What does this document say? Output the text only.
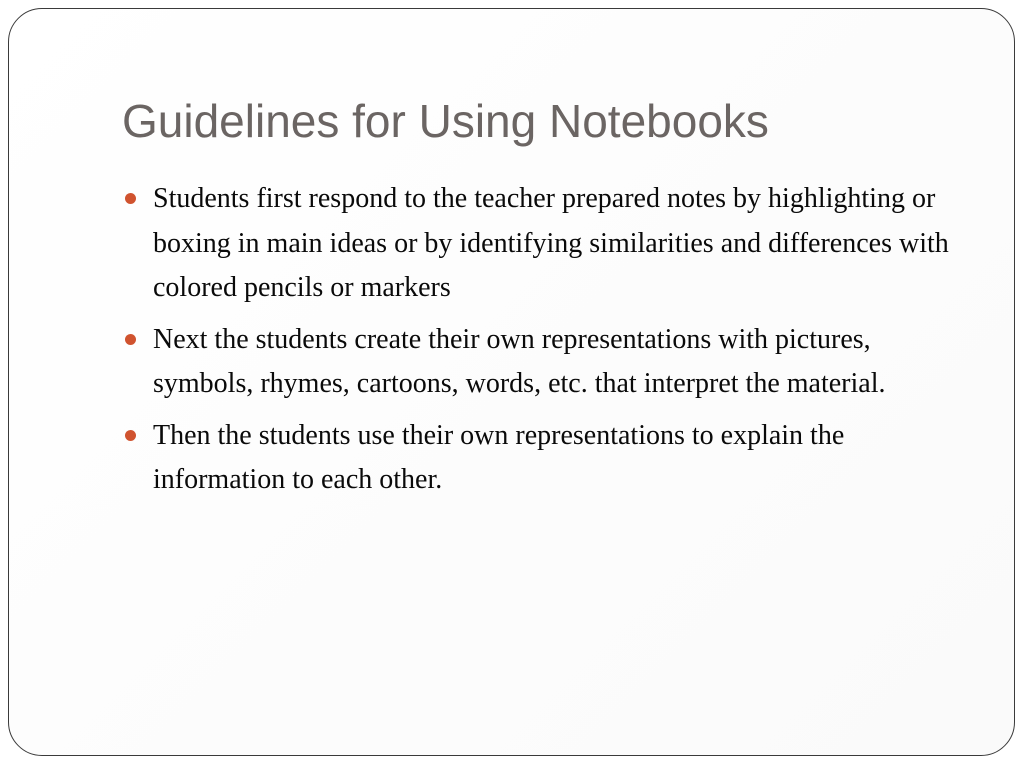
Guidelines for Using Notebooks
Students first respond to the teacher prepared notes by highlighting or boxing in main ideas or by identifying similarities and differences with colored pencils or markers
Next the students create their own representations with pictures, symbols, rhymes, cartoons, words, etc. that interpret the material.
Then the students use their own representations to explain the information to each other.
